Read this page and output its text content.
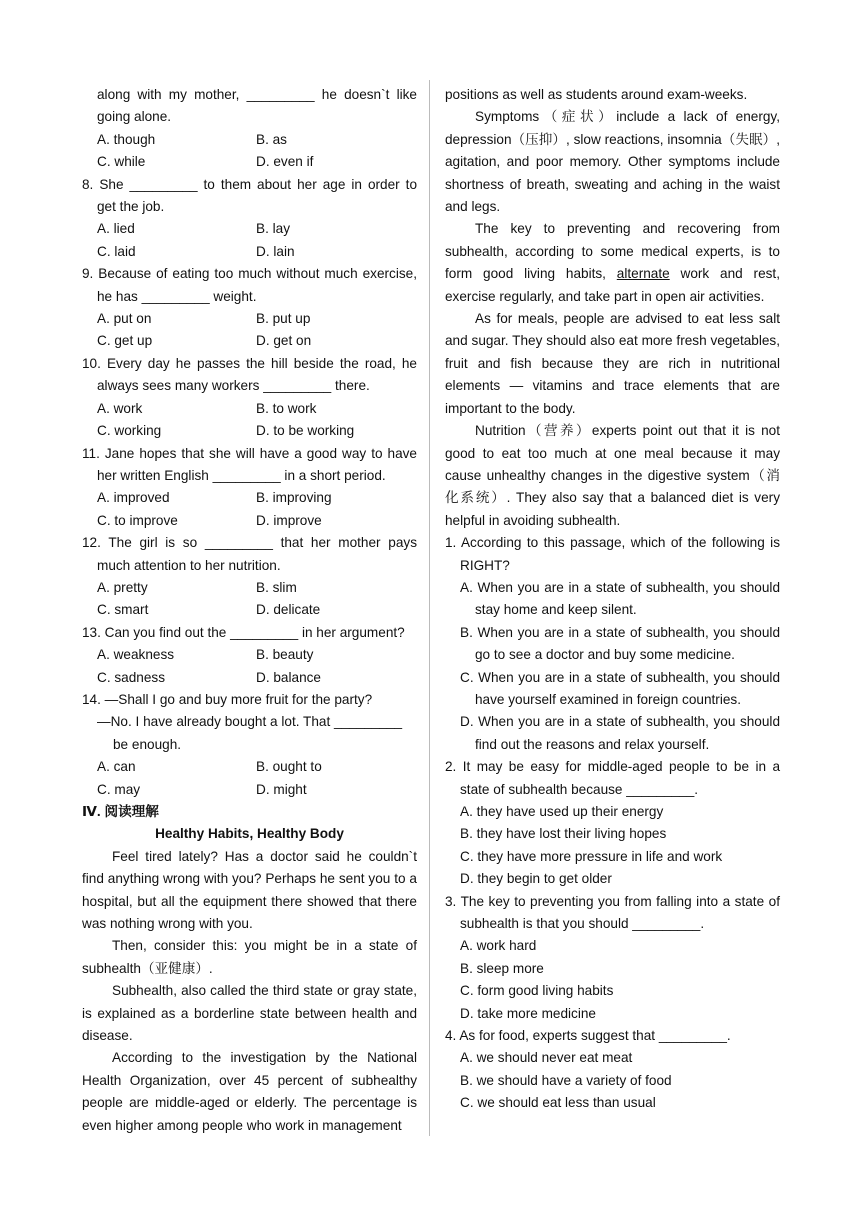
along with my mother, _________ he doesn`t like going alone.

A. though	B. as
C. while	D. even if

8. She _________ to them about her age in order to get the job.

A. lied	B. lay
C. laid	D. lain

9. Because of eating too much without much exercise, he has _________ weight.

A. put on	B. put up
C. get up	D. get on

10. Every day he passes the hill beside the road, he always sees many workers _________ there.

A. work	B. to work
C. working	D. to be working

11. Jane hopes that she will have a good way to have her written English _________ in a short period.

A. improved	B. improving
C. to improve	D. improve

12. The girl is so _________ that her mother pays much attention to her nutrition.

A. pretty	B. slim
C. smart	D. delicate

13. Can you find out the _________ in her argument?

A. weakness	B. beauty
C. sadness	D. balance

14. —Shall I go and buy more fruit for the party?

—No. I have already bought a lot. That _________

be enough.

A. can	B. ought to
C. may	D. might

Ⅳ. 阅读理解

Healthy Habits, Healthy Body

Feel tired lately? Has a doctor said he couldn`t find anything wrong with you? Perhaps he sent you to a hospital, but all the equipment there showed that there was nothing wrong with you.

Then, consider this: you might be in a state of subhealth（亚健康）.

Subhealth, also called the third state or gray state, is explained as a borderline state between health and disease.

According to the investigation by the National Health Organization, over 45 percent of subhealthy people are middle-aged or elderly. The percentage is even higher among people who work in management

positions as well as students around exam-weeks.

Symptoms（症状）include a lack of energy, depression（压抑）, slow reactions, insomnia（失眠）, agitation, and poor memory. Other symptoms include shortness of breath, sweating and aching in the waist and legs.

The key to preventing and recovering from subhealth, according to some medical experts, is to form good living habits, alternate work and rest, exercise regularly, and take part in open air activities.

As for meals, people are advised to eat less salt and sugar. They should also eat more fresh vegetables, fruit and fish because they are rich in nutritional elements — vitamins and trace elements that are important to the body.

Nutrition（营养）experts point out that it is not good to eat too much at one meal because it may cause unhealthy changes in the digestive system（消化系统）. They also say that a balanced diet is very helpful in avoiding subhealth.

1. According to this passage, which of the following is RIGHT?

A. When you are in a state of subhealth, you should stay home and keep silent.

B. When you are in a state of subhealth, you should go to see a doctor and buy some medicine.

C. When you are in a state of subhealth, you should have yourself examined in foreign countries.

D. When you are in a state of subhealth, you should find out the reasons and relax yourself.

2. It may be easy for middle-aged people to be in a state of subhealth because _________.

A. they have used up their energy

B. they have lost their living hopes

C. they have more pressure in life and work

D. they begin to get older

3. The key to preventing you from falling into a state of subhealth is that you should _________.

A. work hard

B. sleep more

C. form good living habits

D. take more medicine

4. As for food, experts suggest that _________.

A. we should never eat meat

B. we should have a variety of food

C. we should eat less than usual
